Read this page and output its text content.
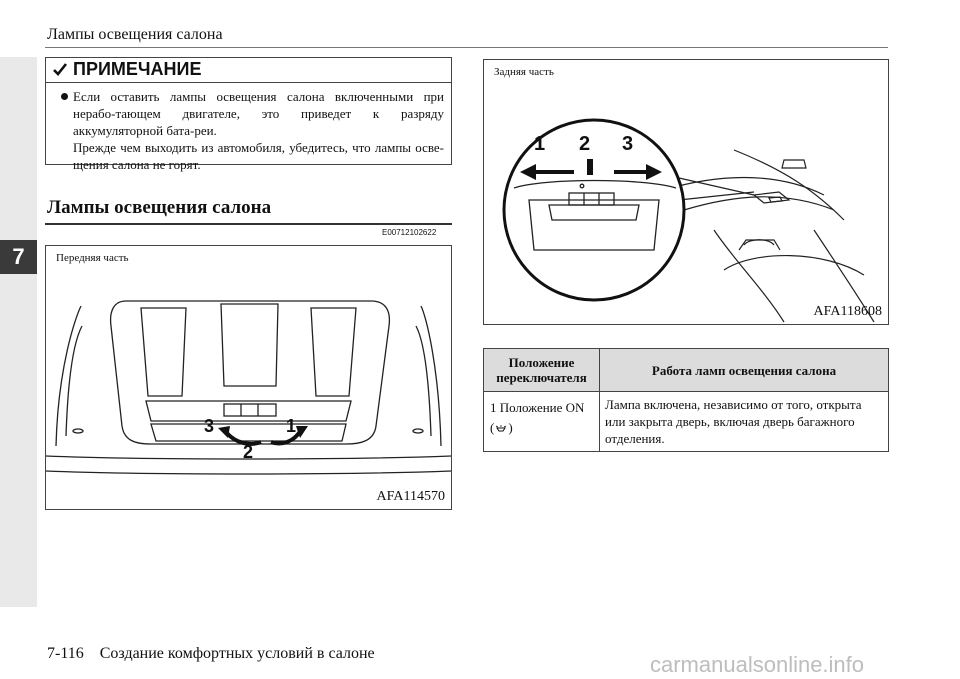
7
Лампы освещения салона
ПРИМЕЧАНИЕ

Если оставить лампы освещения салона включенными при нерабо-тающем двигателе, это приведет к разряду аккумуляторной бата-реи.

Прежде чем выходить из автомобиля, убедитесь, что лампы осве-щения салона не горят.

Лампы освещения салона
E00712102622
3
2
1
Передняя часть
AFA114570
1 2 3
Задняя часть
AFA118608
Положение переключателя	Работа ламп освещения салона
1 Положение ON
( )
Лампа включена, независимо от того, открыта или закрыта дверь, включая дверь багажного отделения.
7-116 Создание комфортных условий в салоне	carmanualsonline.info
